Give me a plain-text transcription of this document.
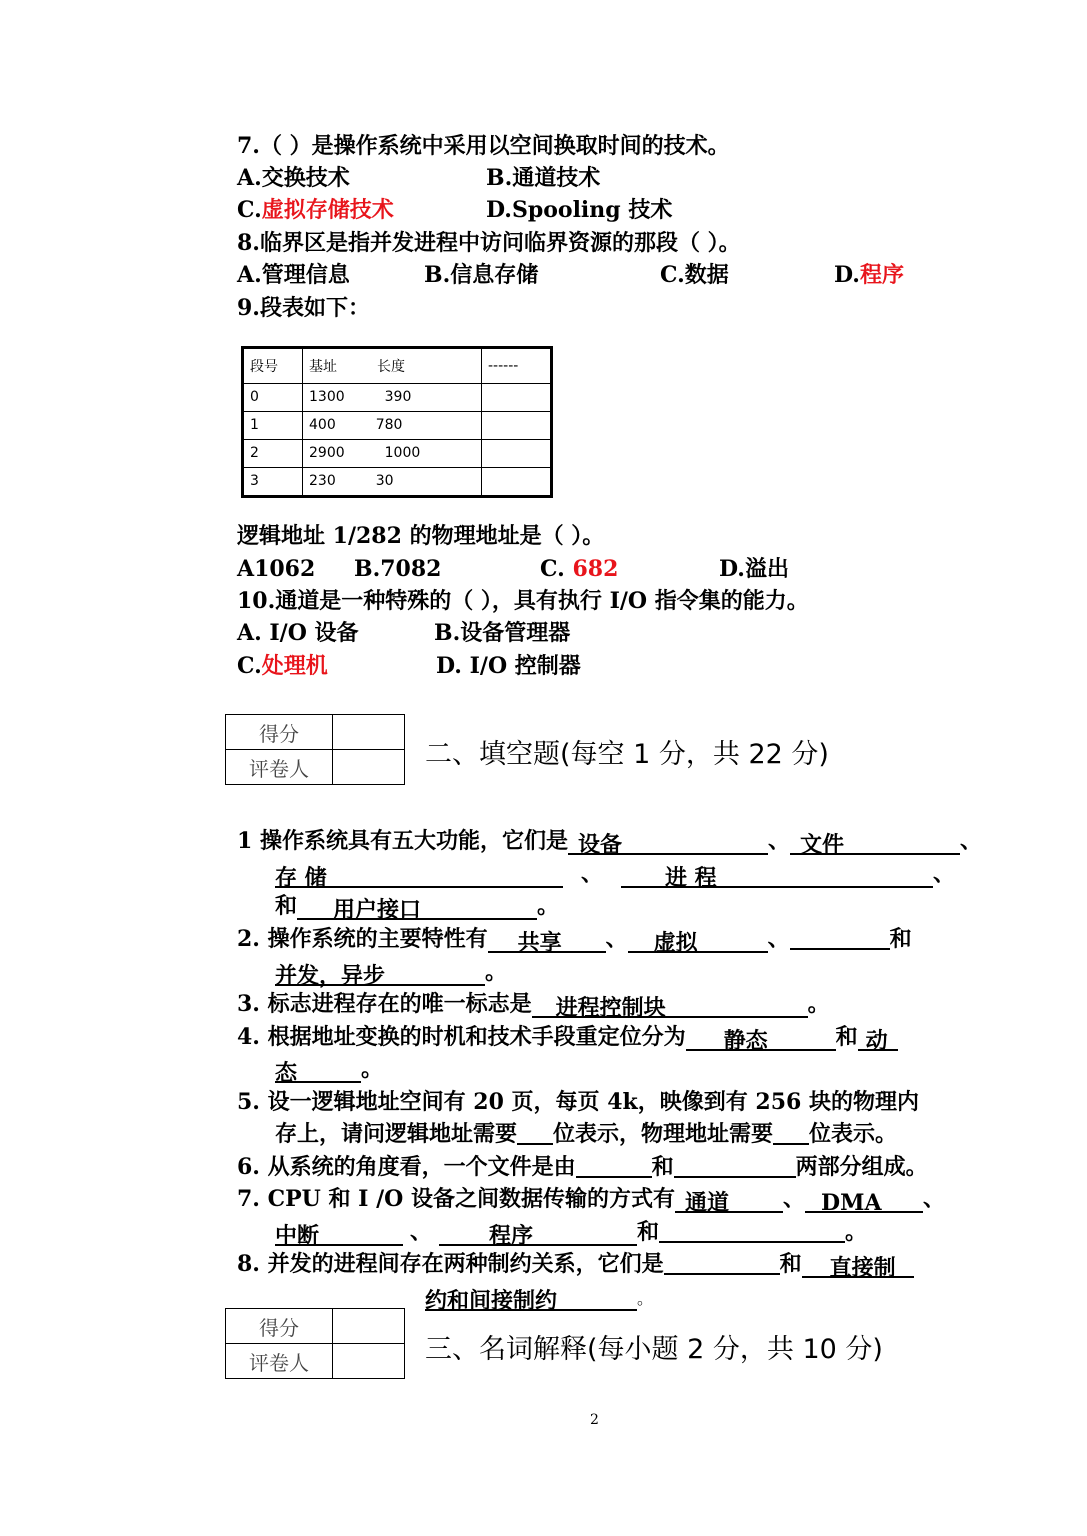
7.（ ）是操作系统中采用以空间换取时间的技术。
A.交换技术	B.通道技术
C.虚拟存储技术	D.Spooling 技术
8.临界区是指并发进程中访问临界资源的那段（ ）。
A.管理信息	B.信息存储	C.数据	D.程序
9.段表如下：
段号	基址 长度	------
0	1300 390	
1	400 780	
2	2900 1000	
3	230 30	
逻辑地址 1/282 的物理地址是（ ）。
A1062 B.7082	C. 682	D.溢出
10.通道是一种特殊的（ ），具有执行 I/O 指令集的能力。
A. I/O 设备	B.设备管理器
C.处理机	D. I/O 控制器
得分	
评卷人		二、填空题(每空 1 分，共 22 分)
1 操作系统具有五大功能，它们是 设备	、 文件	、
存 储	、	进 程	、
和 用户接口	。
2. 操作系统的主要特性有 共享 、 虚拟	、	和
并发，异步	。
3. 标志进程存在的唯一标志是 进程控制块	。
4. 根据地址变换的时机和技术手段重定位分为 静态	和 动
态	。
5. 设一逻辑地址空间有 20 页，每页 4k，映像到有 256 块的物理内
存上，请问逻辑地址需要 位表示，物理地址需要 位表示。
6. 从系统的角度看，一个文件是由	和	两部分组成。
7. CPU 和 I /O 设备之间数据传输的方式有 通道 、 DMA 、
中断	、	程序	和	。
8. 并发的进程间存在两种制约关系，它们是	和 直接制
约和间接制约	。
得分	
评卷人		三、名词解释(每小题 2 分，共 10 分)
2
